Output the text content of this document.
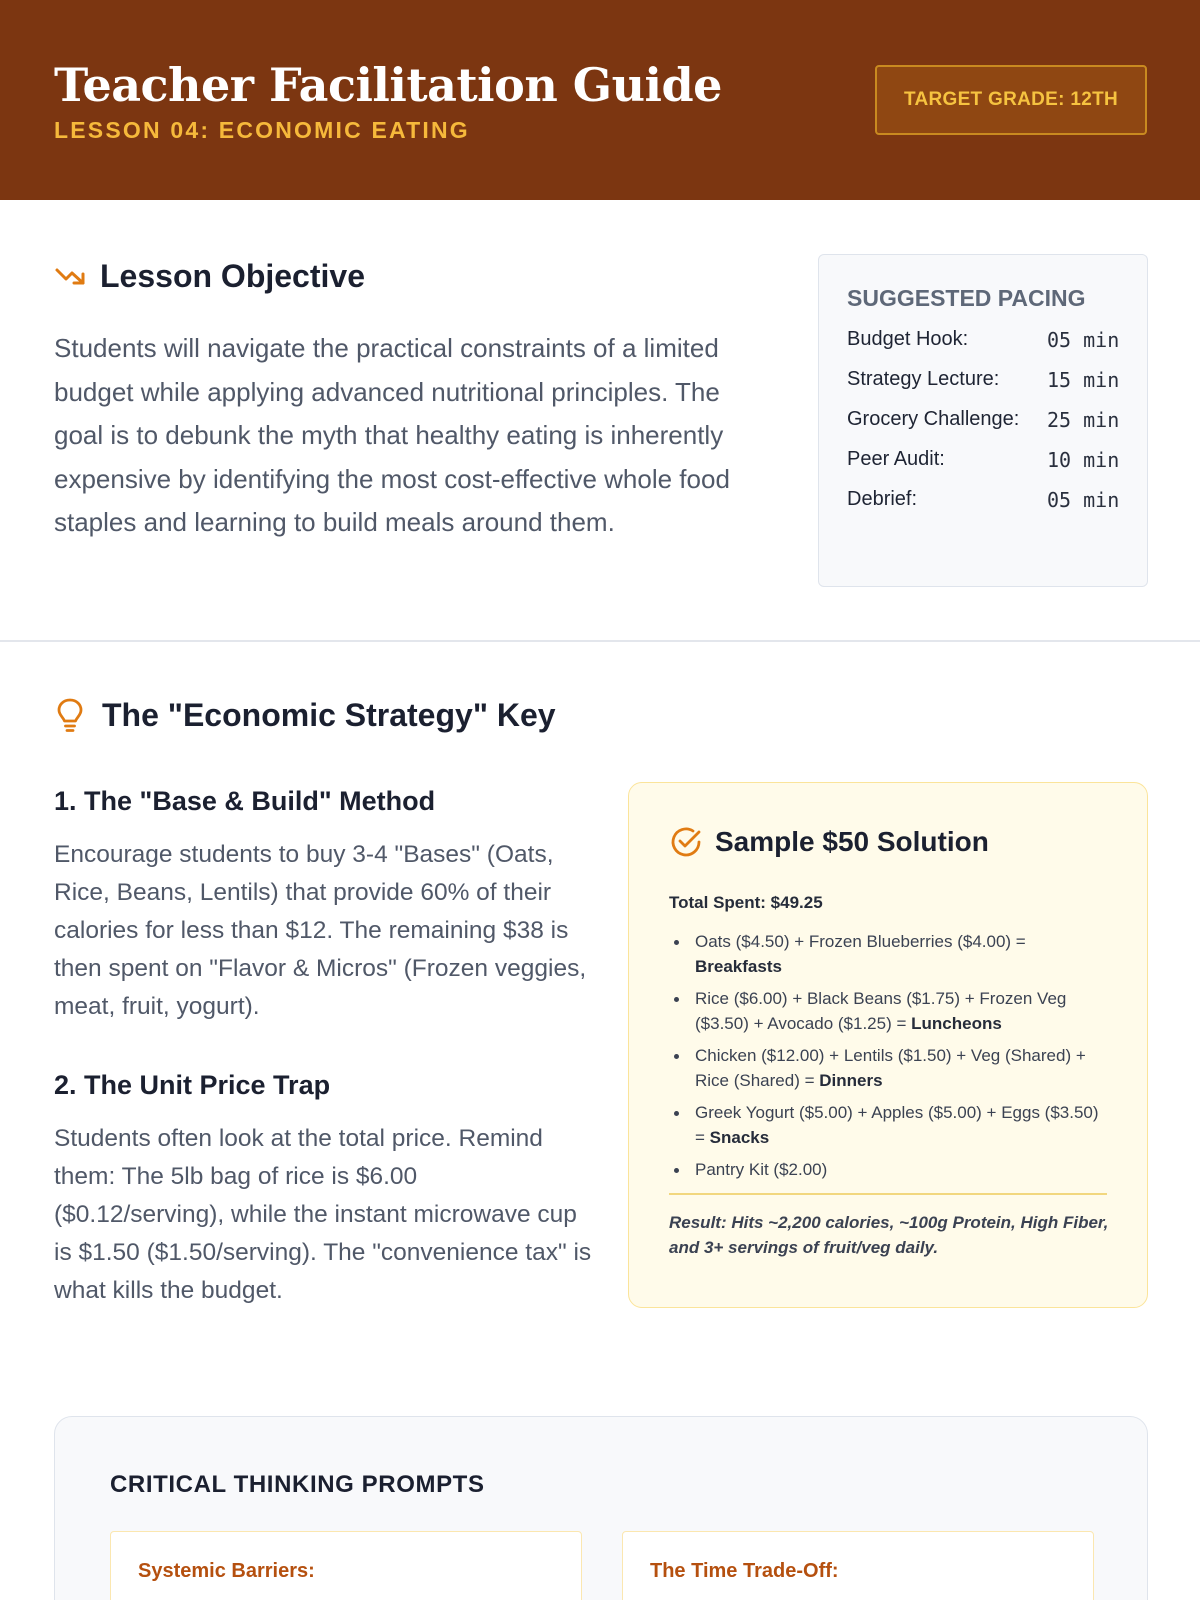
Teacher Facilitation Guide
LESSON 04: ECONOMIC EATING
TARGET GRADE: 12TH
Lesson Objective

Students will navigate the practical constraints of a limited budget while applying advanced nutritional principles. The goal is to debunk the myth that healthy eating is inherently expensive by identifying the most cost-effective whole food staples and learning to build meals around them.

SUGGESTED PACING
Budget Hook:	05 min
Strategy Lecture: 15 min
Grocery Challenge: 25 min
Peer Audit:	10 min
Debrief:	05 min
The "Economic Strategy" Key
1. The "Base & Build" Method

Encourage students to buy 3-4 "Bases" (Oats, Rice, Beans, Lentils) that provide 60% of their calories for less than $12. The remaining $38 is then spent on "Flavor & Micros" (Frozen veggies, meat, fruit, yogurt).

2. The Unit Price Trap

Students often look at the total price. Remind them: The 5lb bag of rice is $6.00 ($0.12/serving), while the instant microwave cup is $1.50 ($1.50/serving). The "convenience tax" is what kills the budget.

Sample $50 Solution
Total Spent: $49.25
Oats ($4.50) + Frozen Blueberries ($4.00) = Breakfasts
Rice ($6.00) + Black Beans ($1.75) + Frozen Veg ($3.50) + Avocado ($1.25) = Luncheons
Chicken ($12.00) + Lentils ($1.50) + Veg (Shared) + Rice (Shared) = Dinners
Greek Yogurt ($5.00) + Apples ($5.00) + Eggs ($3.50) = Snacks
Pantry Kit ($2.00)
Result: Hits ~2,200 calories, ~100g Protein, High Fiber, and 3+ servings of fruit/veg daily.
CRITICAL THINKING PROMPTS
Systemic Barriers:	The Time Trade-Off:
